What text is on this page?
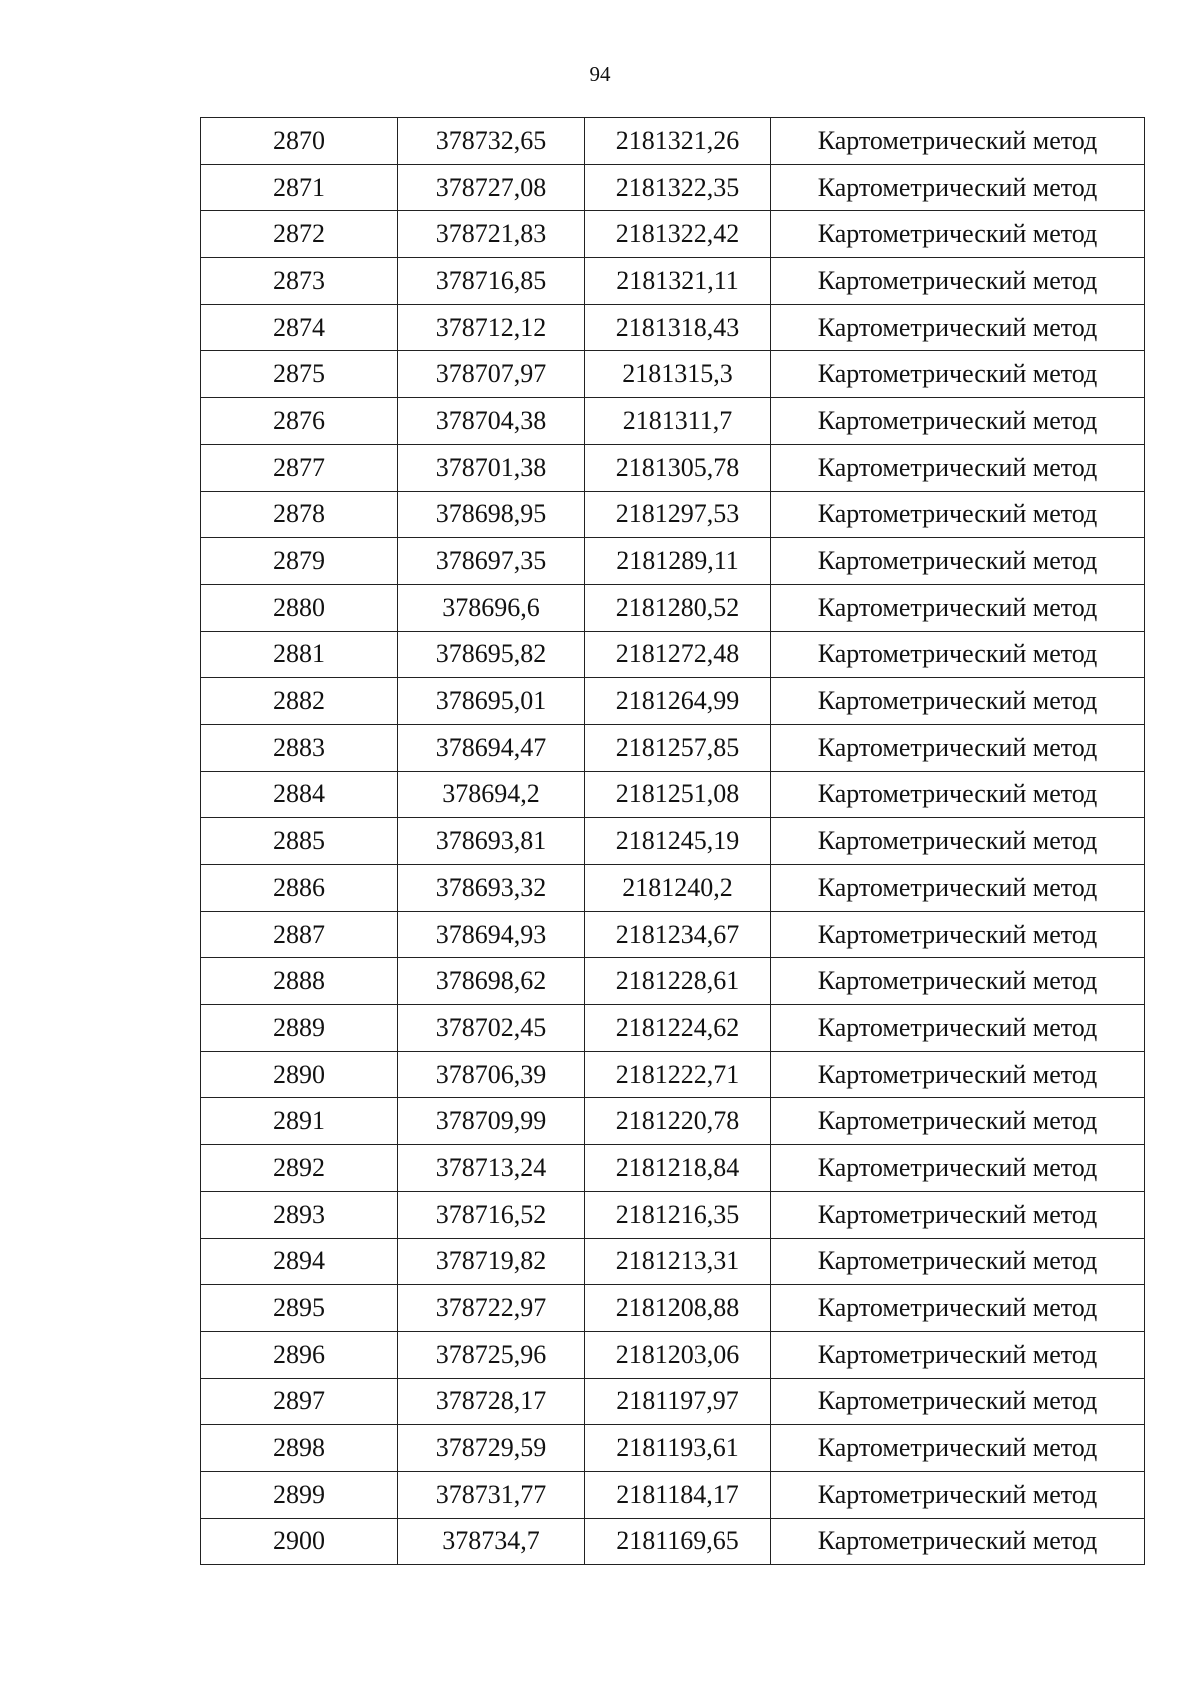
94
2870	378732,65	2181321,26	Картометрический метод
2871	378727,08	2181322,35	Картометрический метод
2872	378721,83	2181322,42	Картометрический метод
2873	378716,85	2181321,11	Картометрический метод
2874	378712,12	2181318,43	Картометрический метод
2875	378707,97	2181315,3	Картометрический метод
2876	378704,38	2181311,7	Картометрический метод
2877	378701,38	2181305,78	Картометрический метод
2878	378698,95	2181297,53	Картометрический метод
2879	378697,35	2181289,11	Картометрический метод
2880	378696,6	2181280,52	Картометрический метод
2881	378695,82	2181272,48	Картометрический метод
2882	378695,01	2181264,99	Картометрический метод
2883	378694,47	2181257,85	Картометрический метод
2884	378694,2	2181251,08	Картометрический метод
2885	378693,81	2181245,19	Картометрический метод
2886	378693,32	2181240,2	Картометрический метод
2887	378694,93	2181234,67	Картометрический метод
2888	378698,62	2181228,61	Картометрический метод
2889	378702,45	2181224,62	Картометрический метод
2890	378706,39	2181222,71	Картометрический метод
2891	378709,99	2181220,78	Картометрический метод
2892	378713,24	2181218,84	Картометрический метод
2893	378716,52	2181216,35	Картометрический метод
2894	378719,82	2181213,31	Картометрический метод
2895	378722,97	2181208,88	Картометрический метод
2896	378725,96	2181203,06	Картометрический метод
2897	378728,17	2181197,97	Картометрический метод
2898	378729,59	2181193,61	Картометрический метод
2899	378731,77	2181184,17	Картометрический метод
2900	378734,7	2181169,65	Картометрический метод
